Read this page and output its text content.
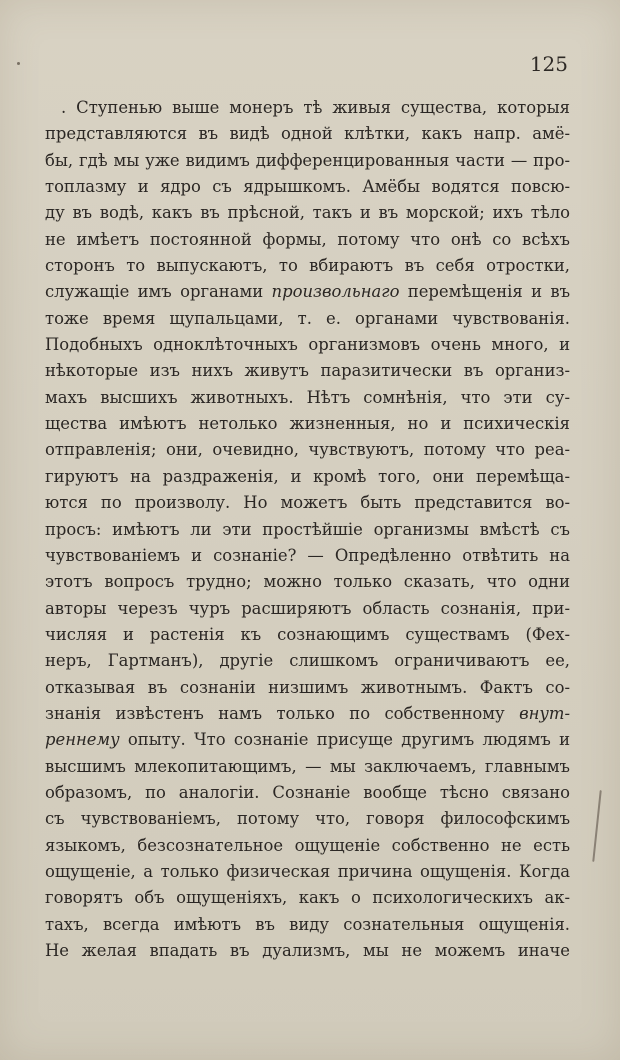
125

. Ступенью выше монеръ тѣ живыя существа, которыя
представляются въ видѣ одной клѣтки, какъ напр. амё-
бы, гдѣ мы уже видимъ дифференцированныя части — про-
топлазму и ядро съ ядрышкомъ. Амёбы водятся повсю-
ду въ водѣ, какъ въ прѣсной, такъ и въ морской; ихъ тѣло
не имѣетъ постоянной формы, потому что онѣ со всѣхъ
сторонъ то выпускаютъ, то вбираютъ въ себя отростки,
служащіе имъ органами произвольнаго перемѣщенія и въ
тоже время щупальцами, т. е. органами чувствованія.
Подобныхъ одноклѣточныхъ организмовъ очень много, и
нѣкоторые изъ нихъ живутъ паразитически въ организ-
махъ высшихъ животныхъ. Нѣтъ сомнѣнія, что эти су-
щества имѣютъ нетолько жизненныя, но и психическія
отправленія; они, очевидно, чувствуютъ, потому что реа-
гируютъ на раздраженія, и кромѣ того, они перемѣща-
ются по произволу. Но можетъ быть представится во-
просъ: имѣютъ ли эти простѣйшіе организмы вмѣстѣ съ
чувствованіемъ и сознаніе? — Опредѣленно отвѣтить на
этотъ вопросъ трудно; можно только сказать, что одни
авторы черезъ чуръ расширяютъ область сознанія, при-
числяя и растенія къ сознающимъ существамъ (Фех-
неръ, Гартманъ), другіе слишкомъ ограничиваютъ ее,
отказывая въ сознаніи низшимъ животнымъ. Фактъ со-
знанія извѣстенъ намъ только по собственному внут-
реннему опыту. Что сознаніе присуще другимъ людямъ и
высшимъ млекопитающимъ, — мы заключаемъ, главнымъ
образомъ, по аналогіи. Сознаніе вообще тѣсно связано
съ чувствованіемъ, потому что, говоря философскимъ
языкомъ, безсознательное ощущеніе собственно не есть
ощущеніе, а только физическая причина ощущенія. Когда
говорятъ объ ощущеніяхъ, какъ о психологическихъ ак-
тахъ, всегда имѣютъ въ виду сознательныя ощущенія.
Не желая впадать въ дуализмъ, мы не можемъ иначе
